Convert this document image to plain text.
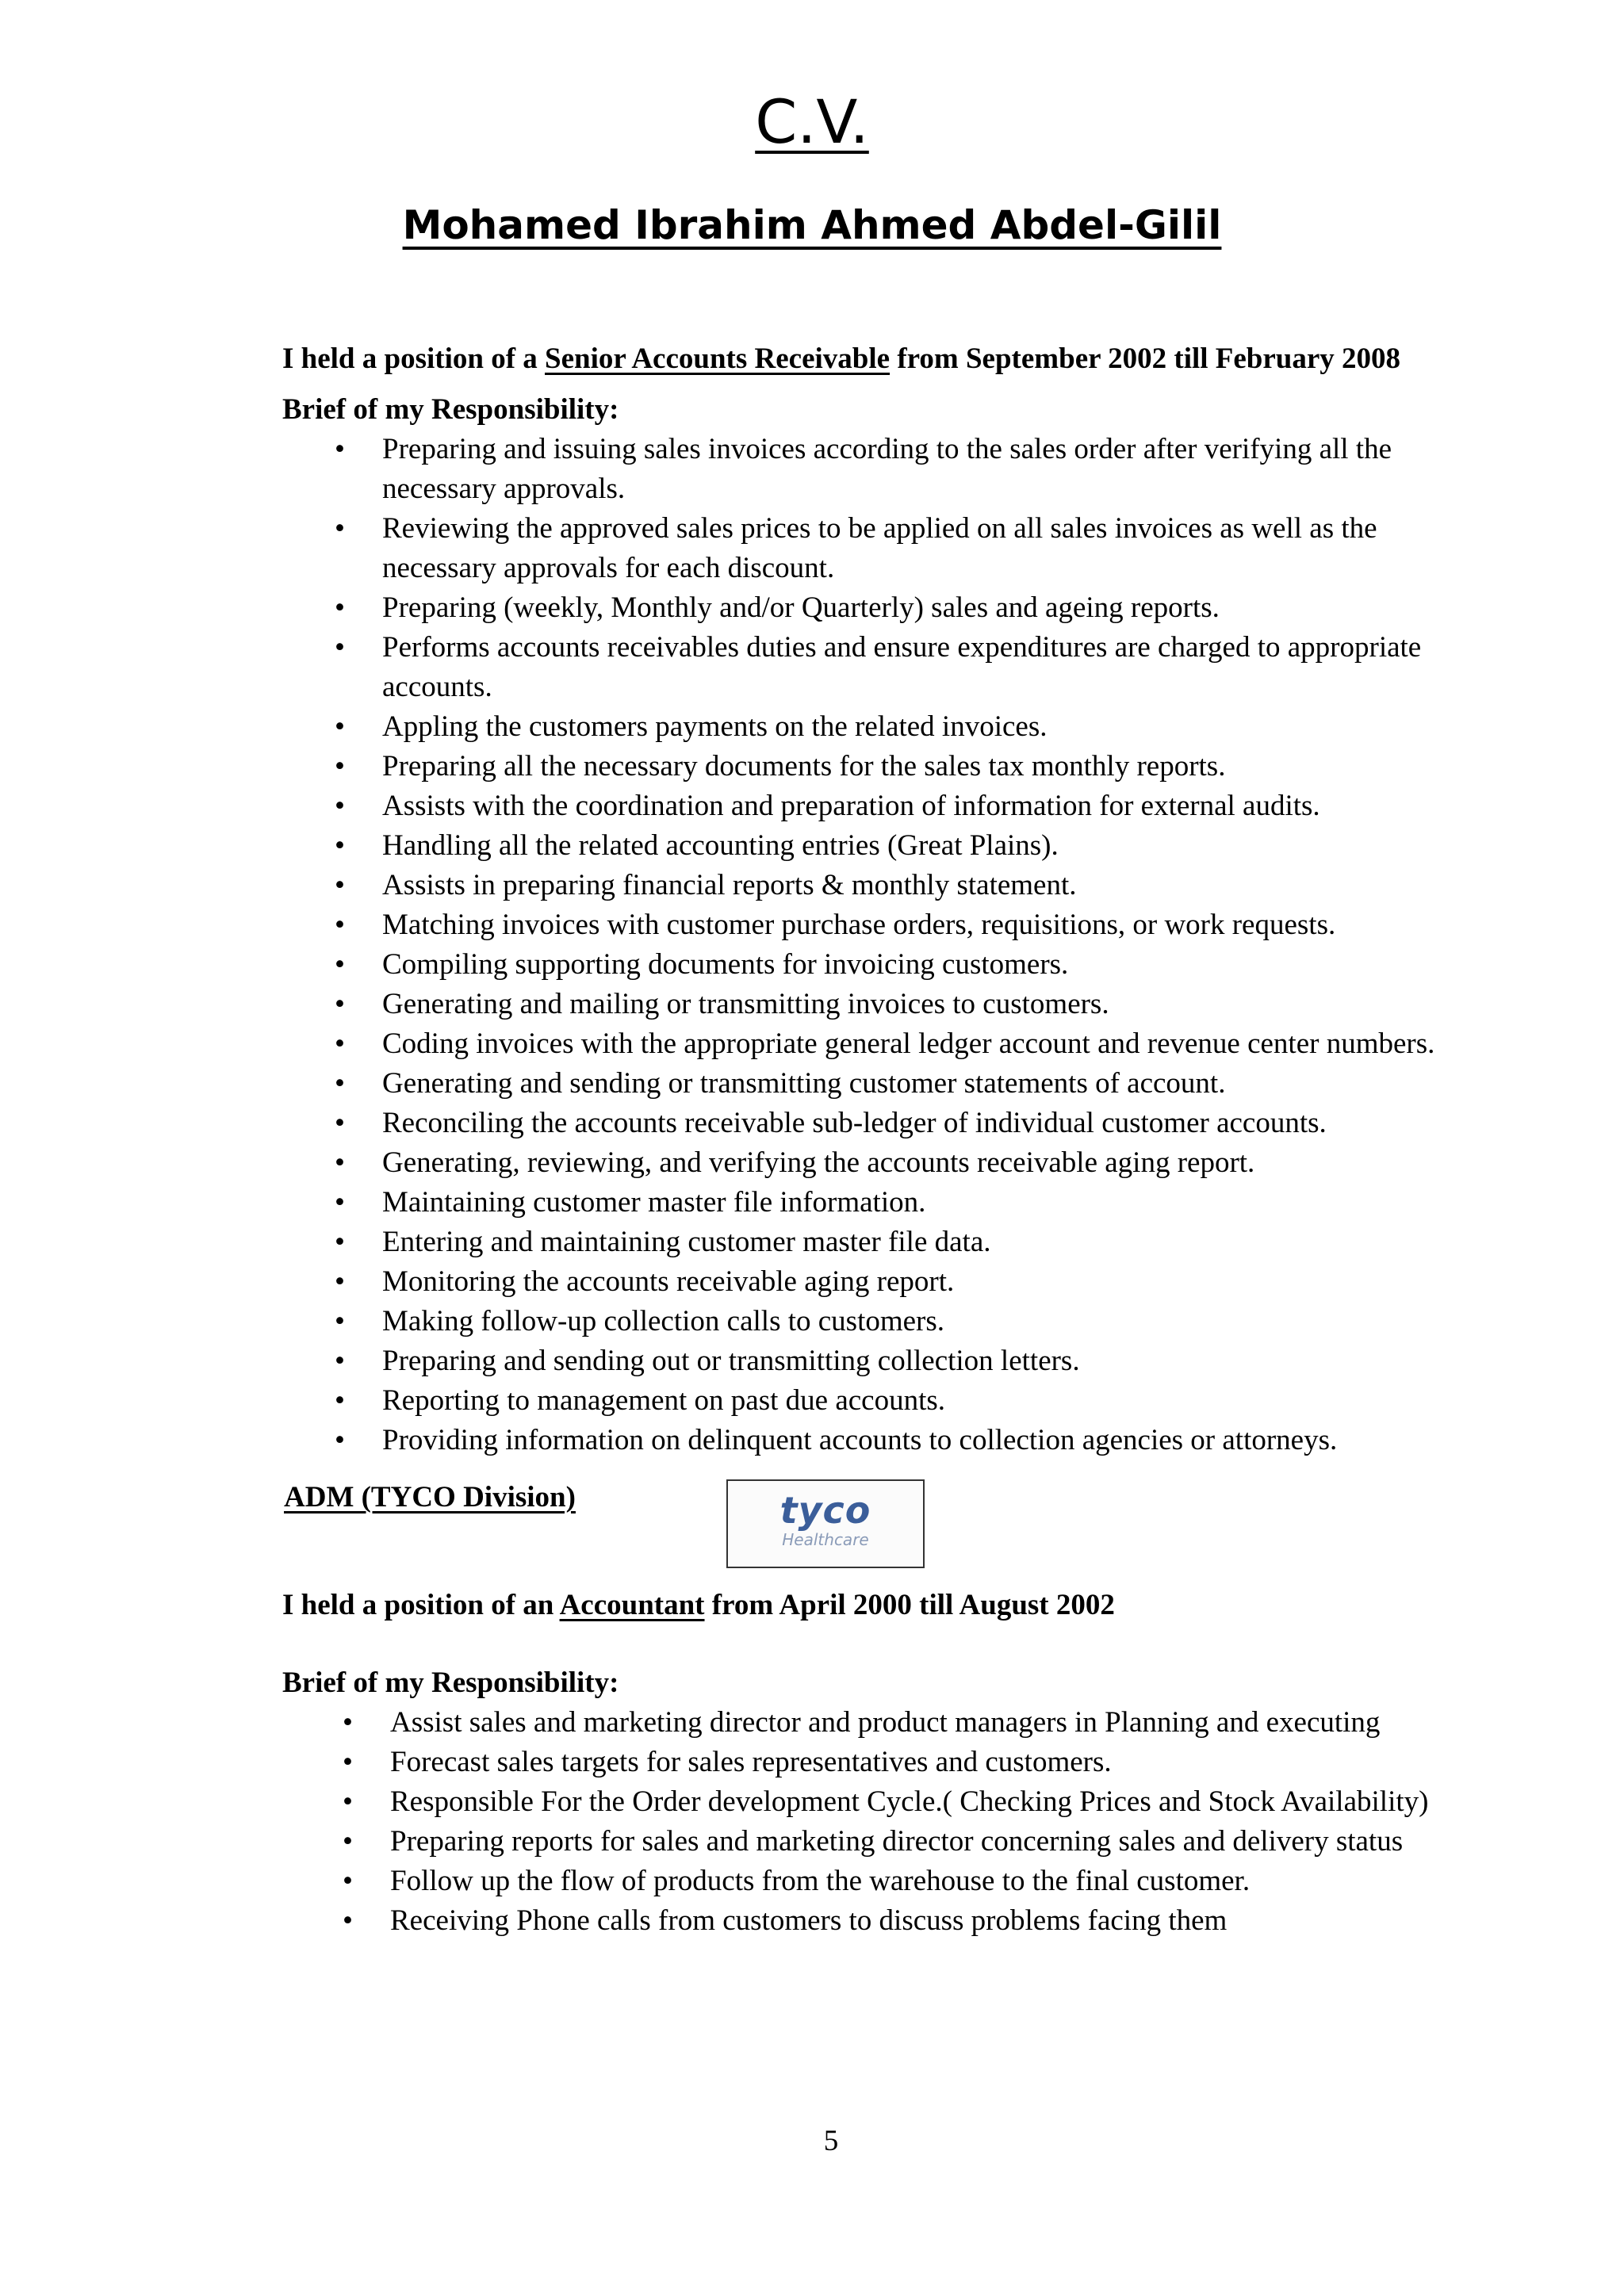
C.V.
Mohamed Ibrahim Ahmed Abdel-Gilil

I held a position of a Senior Accounts Receivable from September 2002 till February 2008

Brief of my Responsibility:

• Preparing and issuing sales invoices according to the sales order after verifying all the necessary approvals.
• Reviewing the approved sales prices to be applied on all sales invoices as well as the necessary approvals for each discount.
• Preparing (weekly, Monthly and/or Quarterly) sales and ageing reports.
• Performs accounts receivables duties and ensure expenditures are charged to appropriate accounts.
• Appling the customers payments on the related invoices.
• Preparing all the necessary documents for the sales tax monthly reports.
• Assists with the coordination and preparation of information for external audits.
• Handling all the related accounting entries (Great Plains).
• Assists in preparing financial reports & monthly statement.
• Matching invoices with customer purchase orders, requisitions, or work requests.
• Compiling supporting documents for invoicing customers.
• Generating and mailing or transmitting invoices to customers.
• Coding invoices with the appropriate general ledger account and revenue center numbers.
• Generating and sending or transmitting customer statements of account.
• Reconciling the accounts receivable sub-ledger of individual customer accounts.
• Generating, reviewing, and verifying the accounts receivable aging report.
• Maintaining customer master file information.
• Entering and maintaining customer master file data.
• Monitoring the accounts receivable aging report.
• Making follow-up collection calls to customers.
• Preparing and sending out or transmitting collection letters.
• Reporting to management on past due accounts.
• Providing information on delinquent accounts to collection agencies or attorneys.
ADM (TYCO Division)	tyco
Healthcare

I held a position of an Accountant from April 2000 till August 2002

Brief of my Responsibility:

• Assist sales and marketing director and product managers in Planning and executing
• Forecast sales targets for sales representatives and customers.
• Responsible For the Order development Cycle.( Checking Prices and Stock Availability)
• Preparing reports for sales and marketing director concerning sales and delivery status
• Follow up the flow of products from the warehouse to the final customer.
• Receiving Phone calls from customers to discuss problems facing them
5
